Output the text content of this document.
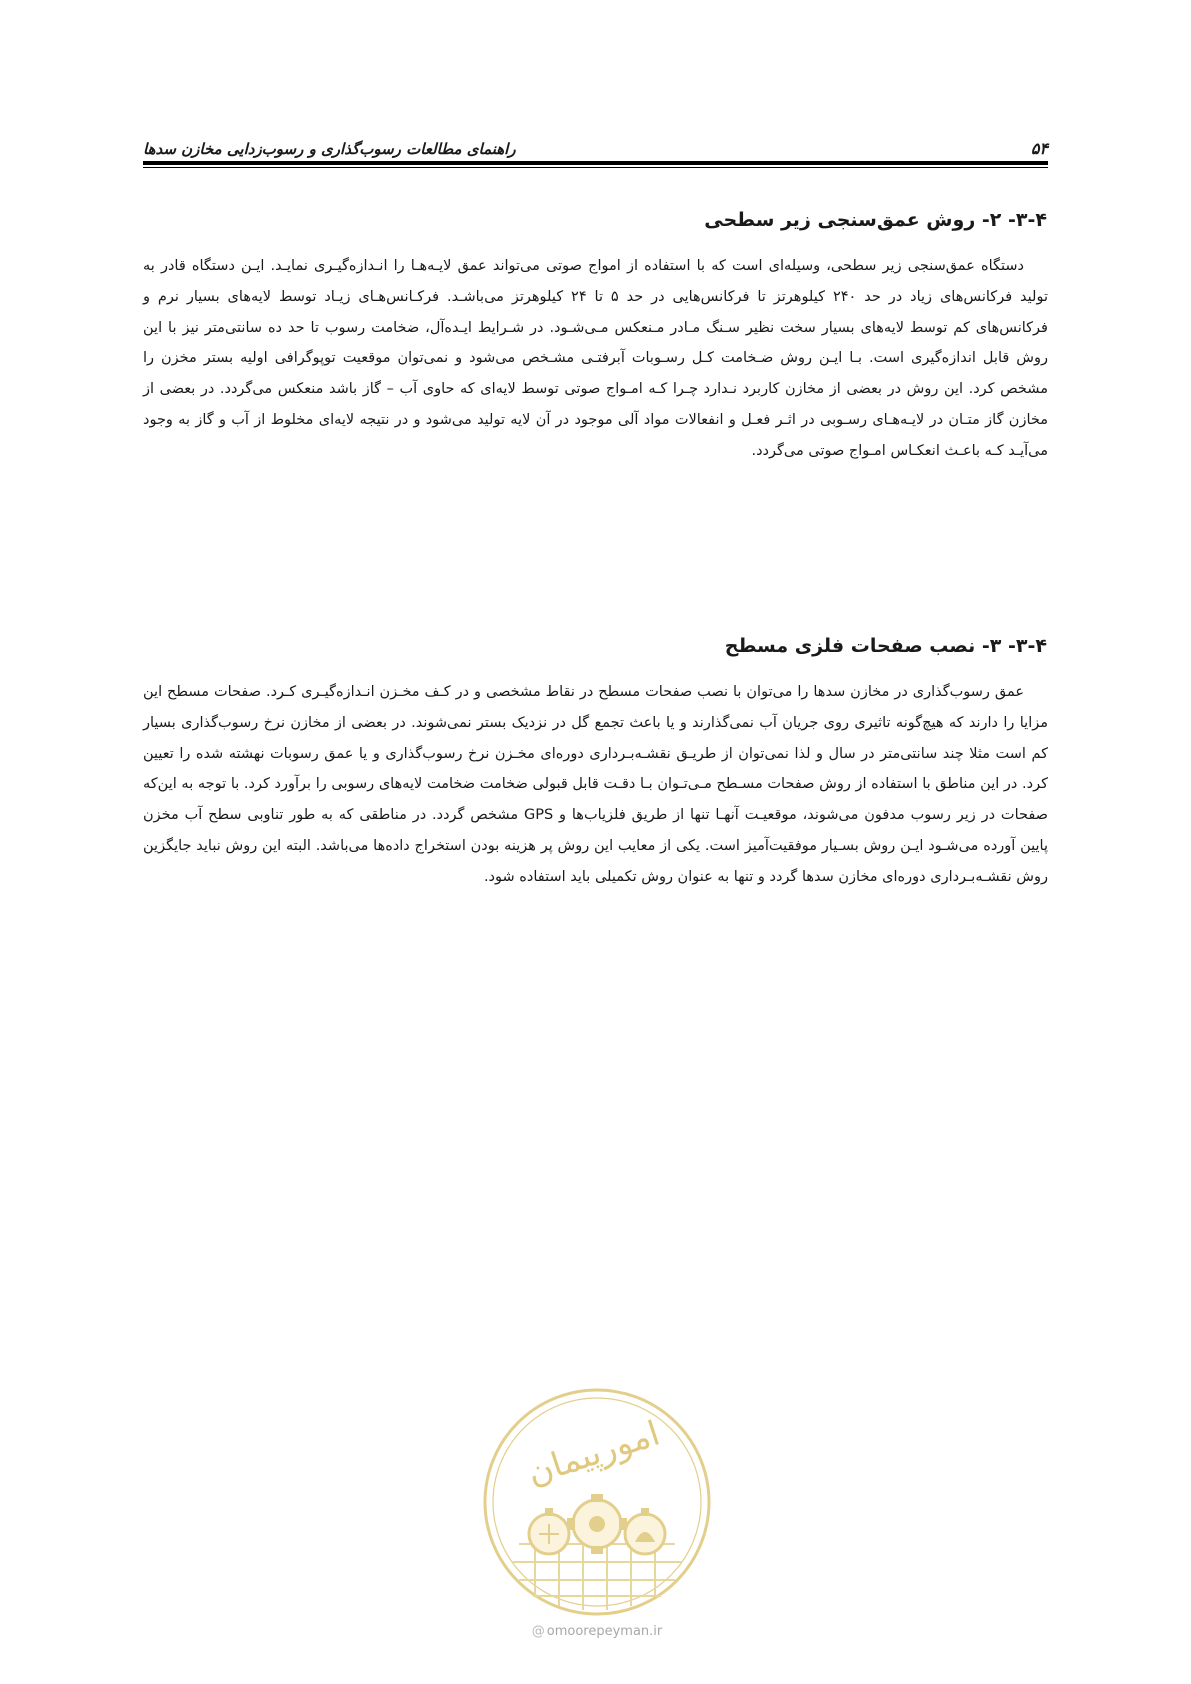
۵۴
راهنمای مطالعات رسوب‌گذاری و رسوب‌زدایی مخازن سدها
۳-۴- ۲- روش عمق‌سنجی زیر سطحی

دستگاه عمق‌سنجی زیر سطحی، وسیله‌ای است که با استفاده از امواج صوتی می‌تواند عمق لایـه‌هـا را انـدازه‌گیـری نمایـد. ایـن دستگاه قادر به تولید فرکانس‌های زیاد در حد ۲۴۰ کیلوهرتز تا فرکانس‌هایی در حد ۵ تا ۲۴ کیلوهرتز می‌باشـد. فرکـانس‌هـای زیـاد توسط لایه‌های بسیار نرم و فرکانس‌های کم توسط لایه‌های بسیار سخت نظیر سـنگ مـادر مـنعکس مـی‌شـود. در شـرایط ایـده‌آل، ضخامت رسوب تا حد ده سانتی‌متر نیز با این روش قابل اندازه‌گیری است. بـا ایـن روش ضـخامت کـل رسـوبات آبرفتـی مشـخص می‌شود و نمی‌توان موقعیت توپوگرافی اولیه بستر مخزن را مشخص کرد. این روش در بعضی از مخازن کاربرد نـدارد چـرا کـه امـواج صوتی توسط لایه‌ای که حاوی آب – گاز باشد منعکس می‌گردد. در بعضی از مخازن گاز متـان در لایـه‌هـای رسـوبی در اثـر فعـل و انفعالات مواد آلی موجود در آن لایه تولید می‌شود و در نتیجه لایه‌ای مخلوط از آب و گاز به وجود می‌آیـد کـه باعـث انعکـاس امـواج صوتی می‌گردد.

۳-۴- ۳- نصب صفحات فلزی مسطح

عمق رسوب‌گذاری در مخازن سدها را می‌توان با نصب صفحات مسطح در نقاط مشخصی و در کـف مخـزن انـدازه‌گیـری کـرد. صفحات مسطح این مزایا را دارند که هیچ‌گونه تاثیری روی جریان آب نمی‌گذارند و یا باعث تجمع گل در نزدیک بستر نمی‌شوند. در بعضی از مخازن نرخ رسوب‌گذاری بسیار کم است مثلا چند سانتی‌متر در سال و لذا نمی‌توان از طریـق نقشـه‌بـرداری دوره‌ای مخـزن نرخ رسوب‌گذاری و یا عمق رسوبات نهشته شده را تعیین کرد. در این مناطق با استفاده از روش صفحات مسـطح مـی‌تـوان بـا دقـت قابل قبولی ضخامت ضخامت لایه‌های رسوبی را برآورد کرد. با توجه به این‌که صفحات در زیر رسوب مدفون می‌شوند، موقعیـت آنهـا تنها از طریق فلزیاب‌ها و GPS مشخص گردد. در مناطقی که به طور تناوبی سطح آب مخزن پایین آورده می‌شـود ایـن روش بسـیار موفقیت‌آمیز است. یکی از معایب این روش پر هزینه بودن استخراج داده‌ها می‌باشد. البته این روش نباید جایگزین روش نقشـه‌بـرداری دوره‌ای مخازن سدها گردد و تنها به عنوان روش تکمیلی باید استفاده شود.

امورپیمان
@ omoorepeyman.ir
